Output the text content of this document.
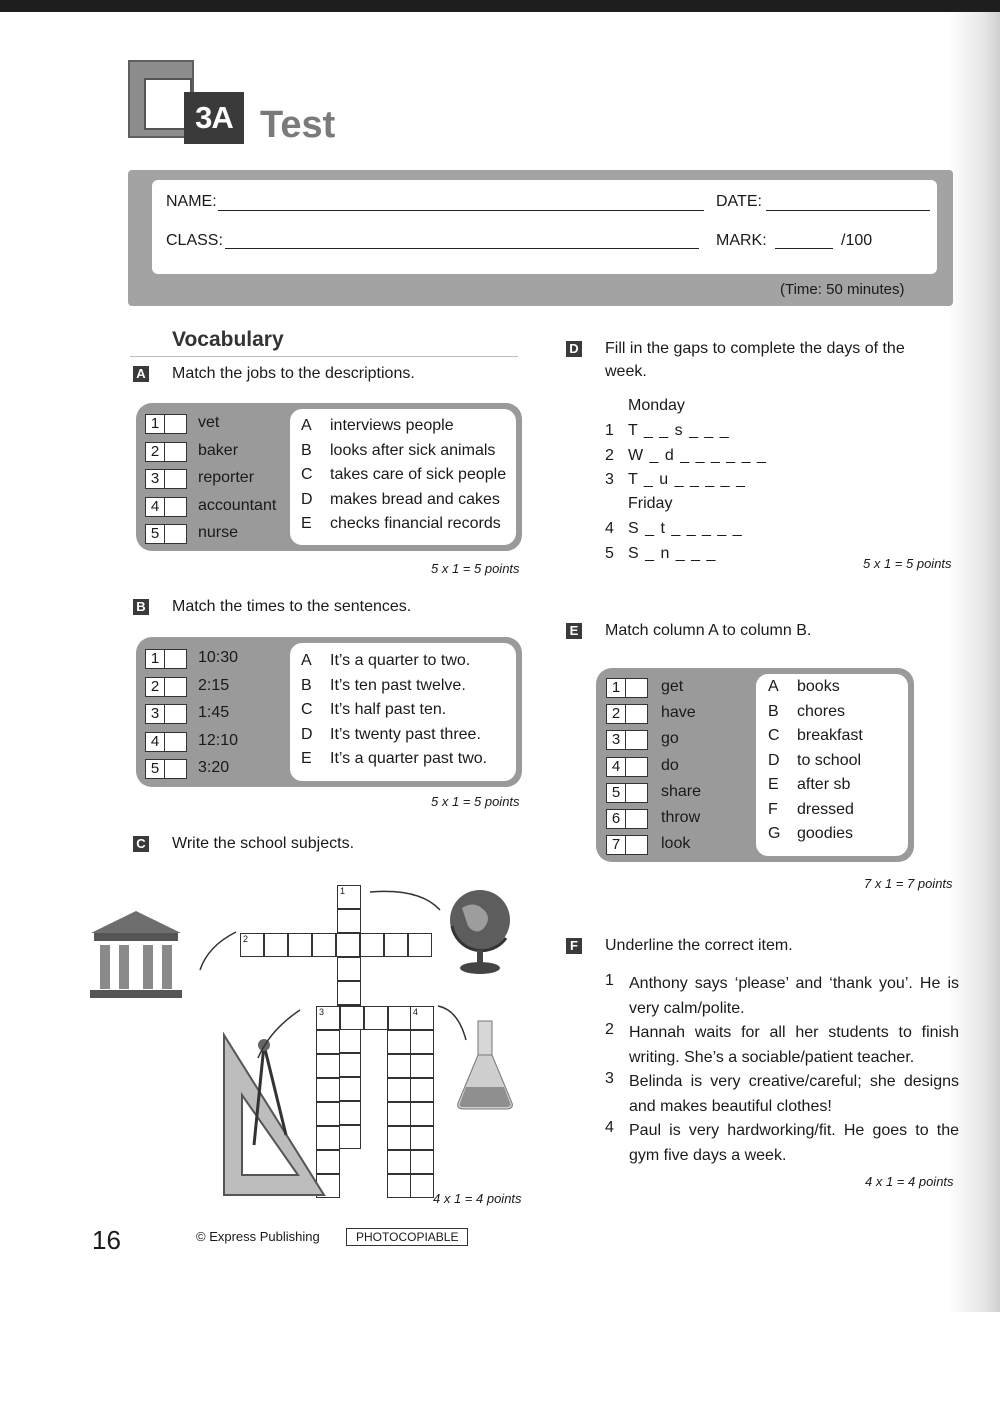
3A Test
NAME:	DATE:
CLASS:	MARK:	/100
(Time: 50 minutes)
Vocabulary
A Match the jobs to the descriptions.
1	vet
2	baker
3	reporter
4	accountant
5	nurse
A interviews people
B looks after sick animals
C takes care of sick people
D makes bread and cakes
E checks financial records
5 x 1 = 5 points
B Match the times to the sentences.
1	10:30
2	2:15
3	1:45
4	12:10
5	3:20
A It’s a quarter to two.
B It’s ten past twelve.
C It’s half past ten.
D It’s twenty past three.
E It’s a quarter past two.
5 x 1 = 5 points
C Write the school subjects.
1
2
3	4
4 x 1 = 4 points
D Fill in the gaps to complete the days of the week.
Monday
1 T _ _ s _ _ _
2 W _ d _ _ _ _ _ _
3 T _ u _ _ _ _ _
Friday
4 S _ t _ _ _ _ _
5 S _ n _ _ _
5 x 1 = 5 points
E Match column A to column B.
1	get
2	have
3	go
4	do
5	share
6	throw
7	look
A books
B chores
C breakfast
D to school
E after sb
F dressed
G goodies
7 x 1 = 7 points
F Underline the correct item.
1 Anthony says ‘please’ and ‘thank you’. He is very calm/polite.
2 Hannah waits for all her students to finish writing. She’s a sociable/patient teacher.
3 Belinda is very creative/careful; she designs and makes beautiful clothes!
4 Paul is very hardworking/fit. He goes to the gym five days a week.
4 x 1 = 4 points
16	© Express Publishing	PHOTOCOPIABLE
